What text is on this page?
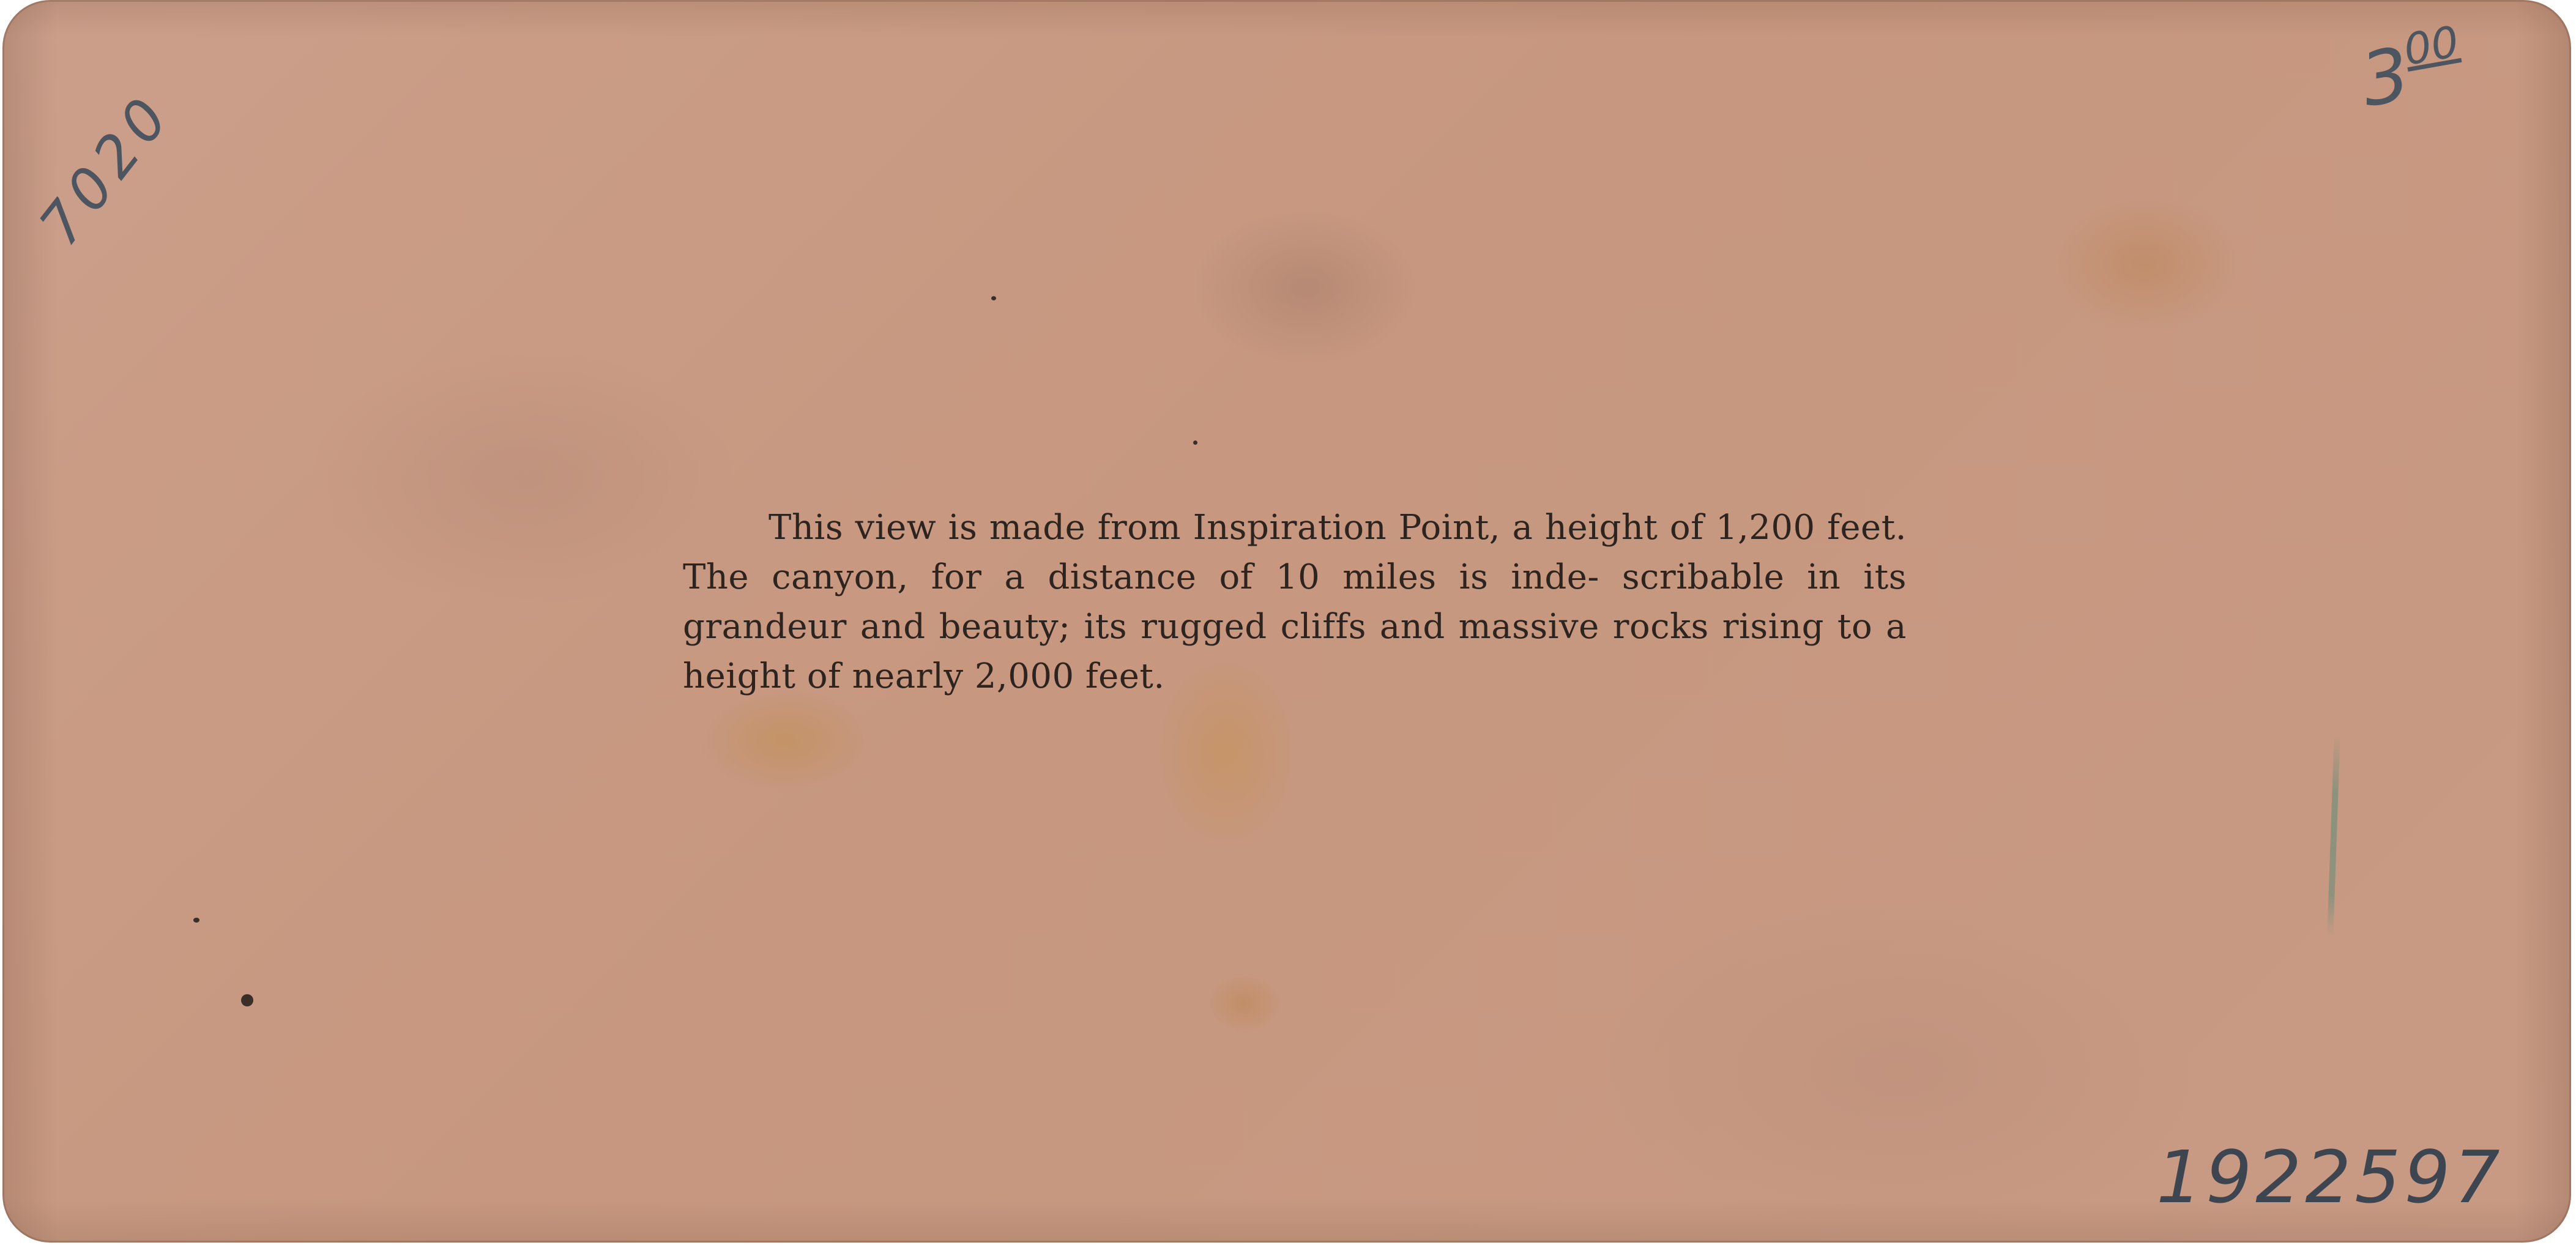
This view is made from Inspiration Point, a height of 1,200 feet. The canyon, for a distance of 10 miles is inde- scribable in its grandeur and beauty; its rugged cliffs and massive rocks rising to a height of nearly 2,000 feet.
7020
$3^{00}$
1922597
